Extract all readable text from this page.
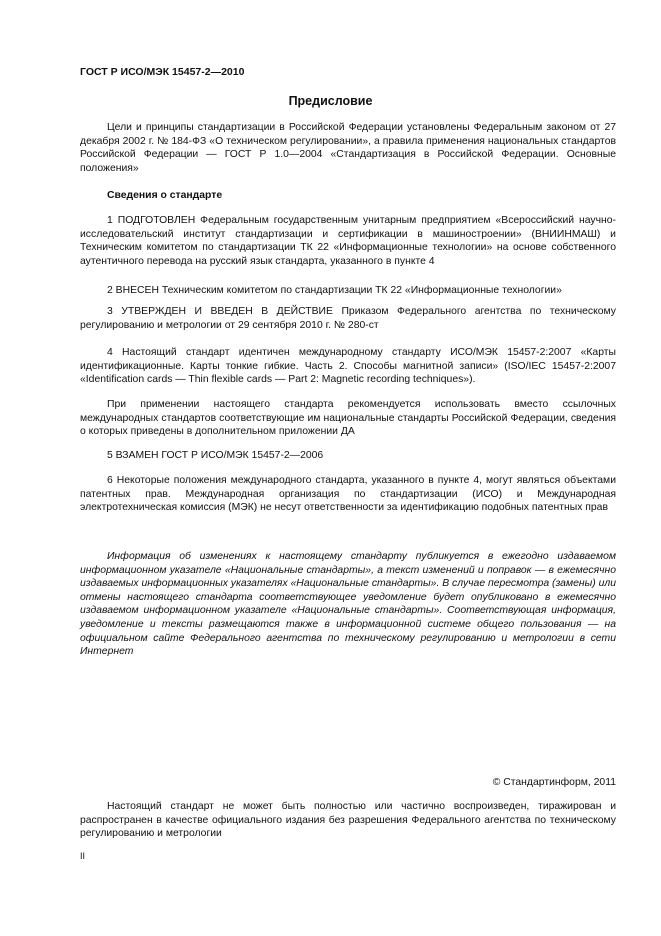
ГОСТ Р ИСО/МЭК 15457-2—2010
Предисловие
Цели и принципы стандартизации в Российской Федерации установлены Федеральным законом от 27 декабря 2002 г. № 184-ФЗ «О техническом регулировании», а правила применения национальных стандартов Российской Федерации — ГОСТ Р 1.0—2004 «Стандартизация в Российской Федерации. Основные положения»
Сведения о стандарте
1 ПОДГОТОВЛЕН Федеральным государственным унитарным предприятием «Всероссийский научно-исследовательский институт стандартизации и сертификации в машиностроении» (ВНИИНМАШ) и Техническим комитетом по стандартизации ТК 22 «Информационные технологии» на основе собственного аутентичного перевода на русский язык стандарта, указанного в пункте 4
2 ВНЕСЕН Техническим комитетом по стандартизации ТК 22 «Информационные технологии»
3 УТВЕРЖДЕН И ВВЕДЕН В ДЕЙСТВИЕ Приказом Федерального агентства по техническому регулированию и метрологии от 29 сентября 2010 г. № 280-ст
4 Настоящий стандарт идентичен международному стандарту ИСО/МЭК 15457-2:2007 «Карты идентификационные. Карты тонкие гибкие. Часть 2. Способы магнитной записи» (ISO/IEC 15457-2:2007 «Identification cards — Thin flexible cards — Part 2: Magnetic recording techniques»).
При применении настоящего стандарта рекомендуется использовать вместо ссылочных международных стандартов соответствующие им национальные стандарты Российской Федерации, сведения о которых приведены в дополнительном приложении ДА
5 ВЗАМЕН ГОСТ Р ИСО/МЭК 15457-2—2006
6 Некоторые положения международного стандарта, указанного в пункте 4, могут являться объектами патентных прав. Международная организация по стандартизации (ИСО) и Международная электротехническая комиссия (МЭК) не несут ответственности за идентификацию подобных патентных прав
Информация об изменениях к настоящему стандарту публикуется в ежегодно издаваемом информационном указателе «Национальные стандарты», а текст изменений и поправок — в ежемесячно издаваемых информационных указателях «Национальные стандарты». В случае пересмотра (замены) или отмены настоящего стандарта соответствующее уведомление будет опубликовано в ежемесячно издаваемом информационном указателе «Национальные стандарты». Соответствующая информация, уведомление и тексты размещаются также в информационной системе общего пользования — на официальном сайте Федерального агентства по техническому регулированию и метрологии в сети Интернет
© Стандартинформ, 2011
Настоящий стандарт не может быть полностью или частично воспроизведен, тиражирован и распространен в качестве официального издания без разрешения Федерального агентства по техническому регулированию и метрологии
II
